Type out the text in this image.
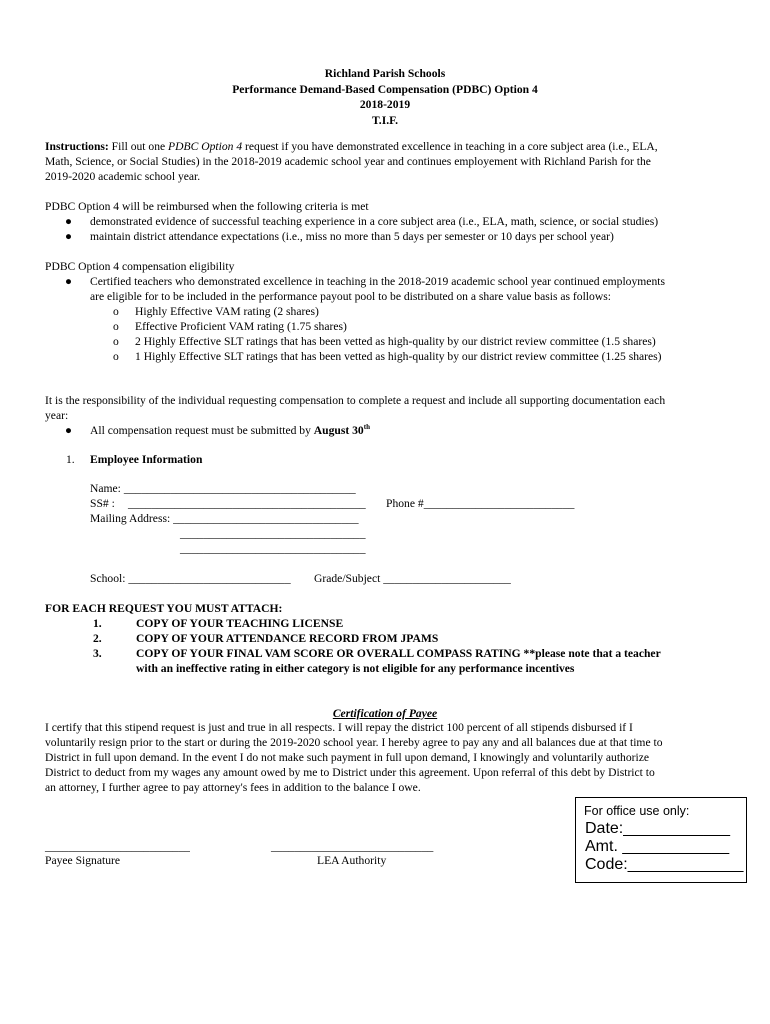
Richland Parish Schools
Performance Demand-Based Compensation (PDBC) Option 4
2018-2019
T.I.F.
Instructions: Fill out one PDBC Option 4 request if you have demonstrated excellence in teaching in a core subject area (i.e., ELA,
Math, Science, or Social Studies) in the 2018-2019 academic school year and continues employement with Richland Parish for the
2019-2020 academic school year.
PDBC Option 4 will be reimbursed when the following criteria is met
● demonstrated evidence of successful teaching experience in a core subject area (i.e., ELA, math, science, or social studies)
● maintain district attendance expectations (i.e., miss no more than 5 days per semester or 10 days per school year)
PDBC Option 4 compensation eligibility
● Certified teachers who demonstrated excellence in teaching in the 2018-2019 academic school year continued employments
are eligible for to be included in the performance payout pool to be distributed on a share value basis as follows:
o Highly Effective VAM rating (2 shares)
o Effective Proficient VAM rating (1.75 shares)
o 2 Highly Effective SLT ratings that has been vetted as high-quality by our district review committee (1.5 shares)
o 1 Highly Effective SLT ratings that has been vetted as high-quality by our district review committee (1.25 shares)
It is the responsibility of the individual requesting compensation to complete a request and include all supporting documentation each
year:
● All compensation request must be submitted by August 30th
1. Employee Information
Name: ________________________________________
SS# : _________________________________________ Phone #__________________________
Mailing Address: ________________________________
________________________________
________________________________
School: ____________________________ Grade/Subject ______________________
FOR EACH REQUEST YOU MUST ATTACH:
1.	COPY OF YOUR TEACHING LICENSE
2.	COPY OF YOUR ATTENDANCE RECORD FROM JPAMS
3.	COPY OF YOUR FINAL VAM SCORE OR OVERALL COMPASS RATING **please note that a teacher
with an ineffective rating in either category is not eligible for any performance incentives
Certification of Payee
I certify that this stipend request is just and true in all respects. I will repay the district 100 percent of all stipends disbursed if I
voluntarily resign prior to the start or during the 2019-2020 school year. I hereby agree to pay any and all balances due at that time to
District in full upon demand. In the event I do not make such payment in full upon demand, I knowingly and voluntarily authorize
District to deduct from my wages any amount owed by me to District under this agreement. Upon referral of this debt by District to
an attorney, I further agree to pay attorney's fees in addition to the balance I owe.
_________________________
Payee Signature
____________________________
LEA Authority
For office use only:
Date:____________
Amt. ____________
Code:_____________
